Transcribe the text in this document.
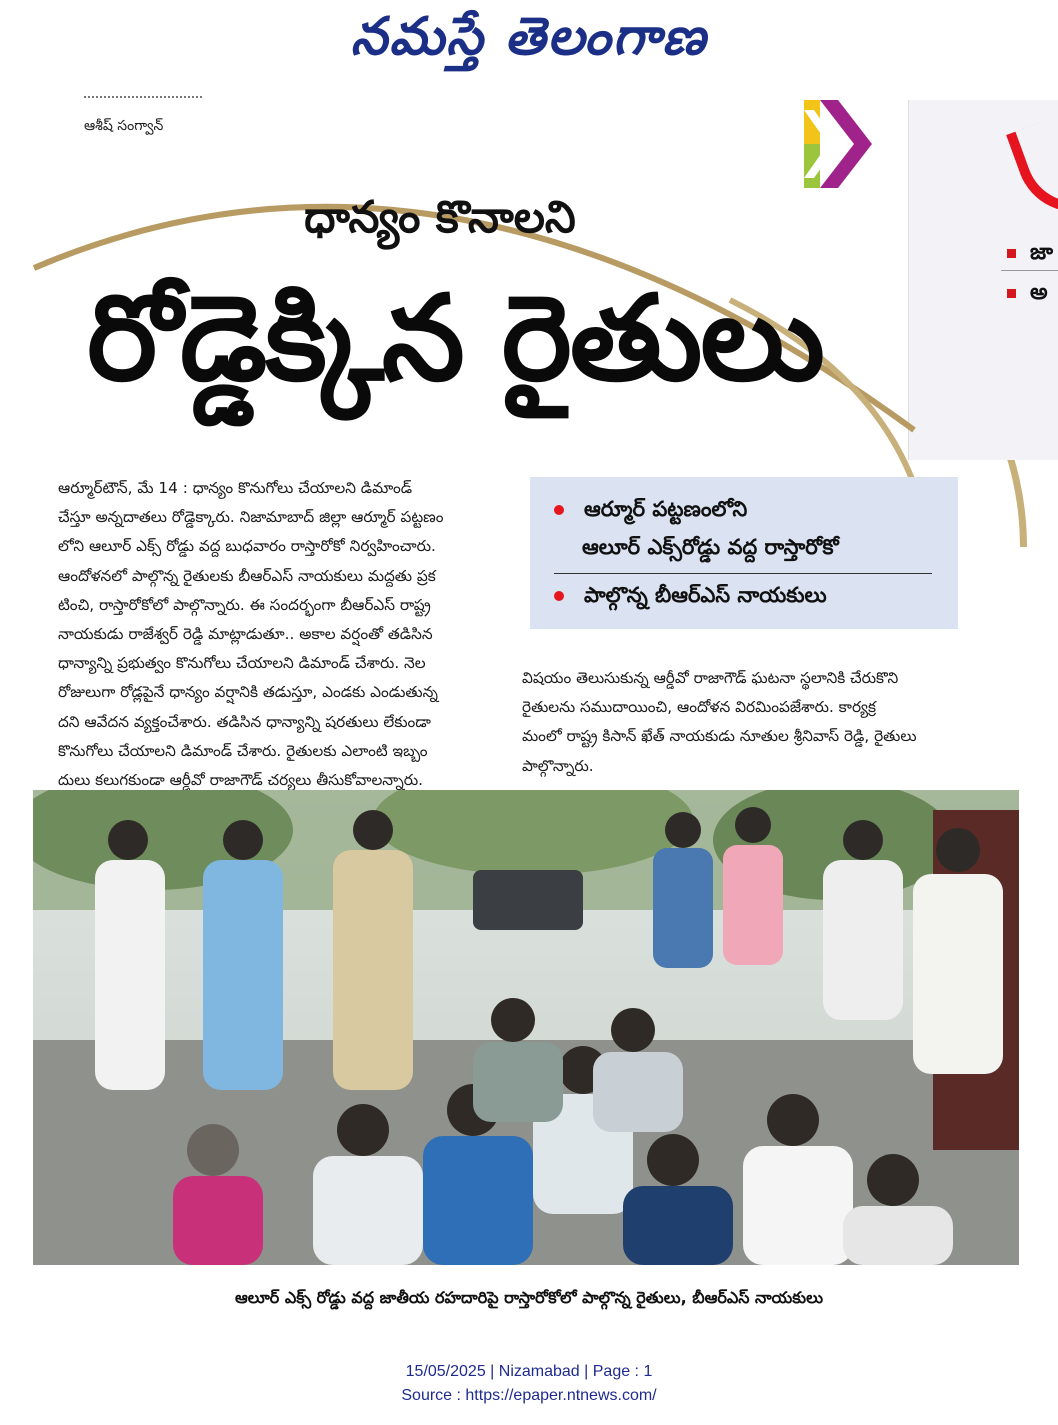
నమస్తే తెలంగాణ
ఆశీష్ సంగ్వాన్
జా
అ
ధాన్యం కొనాలని
రోడ్డెక్కిన రైతులు
ఆర్మూర్‌టౌన్, మే 14 : ధాన్యం కొనుగోలు చేయాలని డిమాండ్
చేస్తూ అన్నదాతలు రోడ్డెక్కారు. నిజామాబాద్ జిల్లా ఆర్మూర్ పట్టణం
లోని ఆలూర్ ఎక్స్ రోడ్డు వద్ద బుధవారం రాస్తారోకో నిర్వహించారు.
ఆందోళనలో పాల్గొన్న రైతులకు బీఆర్‌ఎస్ నాయకులు మద్దతు ప్రక
టించి, రాస్తారోకోలో పాల్గొన్నారు. ఈ సందర్భంగా బీఆర్‌ఎస్ రాష్ట్ర
నాయకుడు రాజేశ్వర్ రెడ్డి మాట్లాడుతూ.. అకాల వర్షంతో తడిసిన
ధాన్యాన్ని ప్రభుత్వం కొనుగోలు చేయాలని డిమాండ్ చేశారు. నెల
రోజులుగా రోడ్లపైనే ధాన్యం వర్షానికి తడుస్తూ, ఎండకు ఎండుతున్న
దని ఆవేదన వ్యక్తంచేశారు. తడిసిన ధాన్యాన్ని షరతులు లేకుండా
కొనుగోలు చేయాలని డిమాండ్ చేశారు. రైతులకు ఎలాంటి ఇబ్బం
దులు కలుగకుండా ఆర్డీవో రాజాగౌడ్ చర్యలు తీసుకోవాలన్నారు.
ఆర్మూర్ పట్టణంలోని
ఆలూర్ ఎక్స్‌రోడ్డు వద్ద రాస్తారోకో
పాల్గొన్న బీఆర్‌ఎస్ నాయకులు
విషయం తెలుసుకున్న ఆర్డీవో రాజాగౌడ్ ఘటనా స్థలానికి చేరుకొని
రైతులను సముదాయించి, ఆందోళన విరమింపజేశారు. కార్యక్ర
మంలో రాష్ట్ర కిసాన్ ఖేత్ నాయకుడు నూతుల శ్రీనివాస్ రెడ్డి, రైతులు
పాల్గొన్నారు.
ఆలూర్ ఎక్స్ రోడ్డు వద్ద జాతీయ రహదారిపై రాస్తారోకోలో పాల్గొన్న రైతులు, బీఆర్‌ఎస్ నాయకులు
15/05/2025 | Nizamabad | Page : 1
Source : https://epaper.ntnews.com/
